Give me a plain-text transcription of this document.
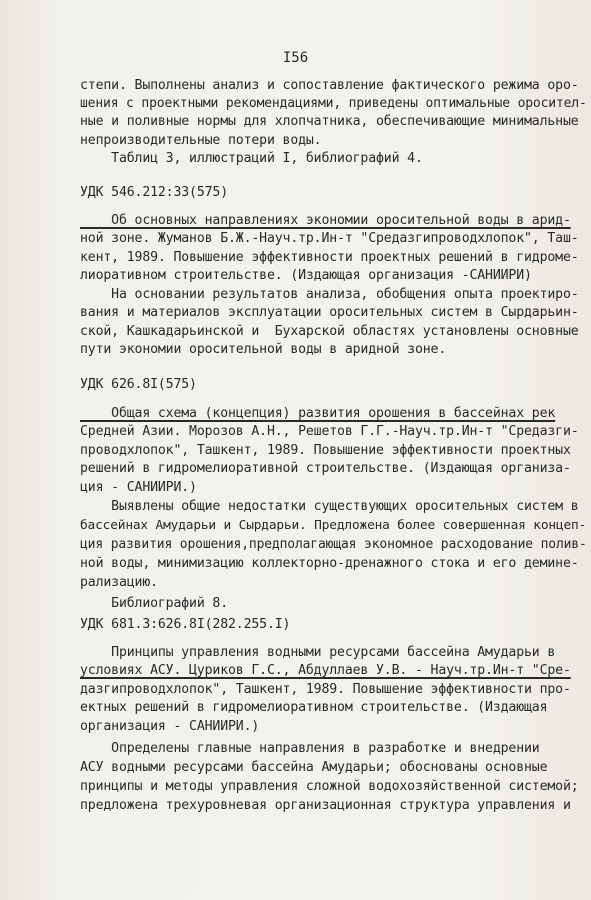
I56
степи. Выполнены анализ и сопоставление фактического режима оро-
шения с проектными рекомендациями, приведены оптимальные оросител-
ные и поливные нормы для хлопчатника, обеспечивающие минимальные
непроизводительные потери воды.
Таблиц 3, иллюстраций I, библиографий 4.
УДК 546.212:33(575)
Об основных направлениях экономии оросительной воды в арид-
ной зоне. Жуманов Б.Ж.-Науч.тр.Ин-т "Средазгипроводхлопок", Таш-
кент, 1989. Повышение эффективности проектных решений в гидроме-
лиоративном строительстве. (Издающая организация -САНИИРИ)
На основании результатов анализа, обобщения опыта проектиро-
вания и материалов эксплуатации оросительных систем в Сырдарьин-
ской, Кашкадарьинской и  Бухарской областях установлены основные
пути экономии оросительной воды в аридной зоне.
УДК 626.8I(575)
Общая схема (концепция) развития орошения в бассейнах рек
Средней Азии. Морозов А.Н., Решетов Г.Г.-Науч.тр.Ин-т "Средазги-
проводхлопок", Ташкент, 1989. Повышение эффективности проектных
решений в гидромелиоративной строительстве. (Издающая организа-
ция - САНИИРИ.)
Выявлены общие недостатки существующих оросительных систем в
бассейнах Амударьи и Сырдарьи. Предложена более совершенная концеп-
ция развития орошения,предполагающая экономное расходование полив-
ной воды, минимизацию коллекторно-дренажного стока и его демине-
рализацию.
Библиографий 8.
УДК 681.3:626.8I(282.255.I)
Принципы управления водными ресурсами бассейна Амударьи в
условиях АСУ. Цуриков Г.С., Абдуллаев У.В. - Науч.тр.Ин-т "Сре-
дазгипроводхлопок", Ташкент, 1989. Повышение эффективности про-
ектных решений в гидромелиоративном строительстве. (Издающая
организация - САНИИРИ.)
Определены главные направления в разработке и внедрении
АСУ водными ресурсами бассейна Амударьи; обоснованы основные
принципы и методы управления сложной водохозяйственной системой;
предложена трехуровневая организационная структура управления и
